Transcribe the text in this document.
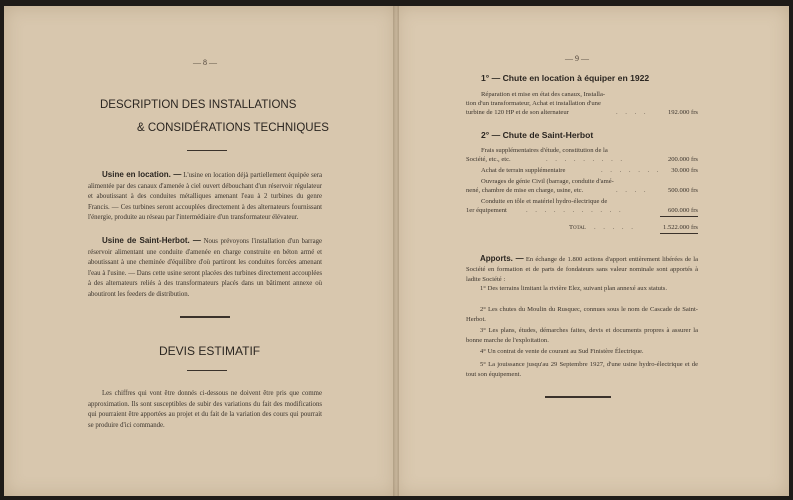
— 8 —
DESCRIPTION DES INSTALLATIONS
& CONSIDÉRATIONS TECHNIQUES

Usine en location. — L'usine en location déjà partiellement équipée sera alimentée par des canaux d'amenée à ciel ouvert débouchant d'un réservoir régulateur et aboutissant à des conduites métalliques amenant l'eau à 2 turbines du genre Francis. — Ces turbines seront accouplées directement à des alternateurs fournissant l'énergie, produite au réseau par l'intermédiaire d'un transformateur élévateur.

Usine de Saint-Herbot. — Nous prévoyons l'installation d'un barrage réservoir alimentant une conduite d'amenée en charge construite en béton armé et aboutissant à une cheminée d'équilibre d'où partiront les conduites forcées amenant l'eau à l'usine. — Dans cette usine seront placées des turbines directement accouplées à des alternateurs reliés à des transformateurs placés dans un bâtiment annexe où aboutiront les feeders de distribution.

DEVIS ESTIMATIF

Les chiffres qui vont être donnés ci-dessous ne doivent être pris que comme approximation. Ils sont susceptibles de subir des variations du fait des modifications qui pourraient être apportées au projet et du fait de la variation des cours qui pourrait se produire d'ici commande.

— 9 —
1° — Chute en location à équiper en 1922
Réparation et mise en état des canaux, Installa-
tion d'un transformateur, Achat et installation d'une
turbine de 120 HP et de son alternateur	. . . .	192.000 frs
2° — Chute de Saint-Herbot
Frais supplémentaires d'étude, constitution de la
Société, etc., etc.	. . . . . . . . .	200.000 frs
Achat de terrain supplémentaire	. . . . . . . 30.000 frs
Ouvrages de génie Civil (barrage, conduite d'amé-
nené, chambre de mise en charge, usine, etc.	. . . .	500.000 frs
Conduite en tôle et matériel hydro-électrique de
1er équipement	. . . . . . . . . . .	600.000 frs
Total . . . . .	1.522.000 frs

Apports. — En échange de 1.800 actions d'apport entièrement libérées de la Société en formation et de parts de fondateurs sans valeur nominale sont apportés à ladite Société :

1° Des terrains limitant la rivière Elez, suivant plan annexé aux statuts.

2° Les chutes du Moulin du Rusquec, connues sous le nom de Cascade de Saint-Herbot.

3° Les plans, études, démarches faites, devis et documents propres à assurer la bonne marche de l'exploitation.

4° Un contrat de vente de courant au Sud Finistère Électrique.

5° La jouissance jusqu'au 29 Septembre 1927, d'une usine hydro-électrique et de tout son équipement.
